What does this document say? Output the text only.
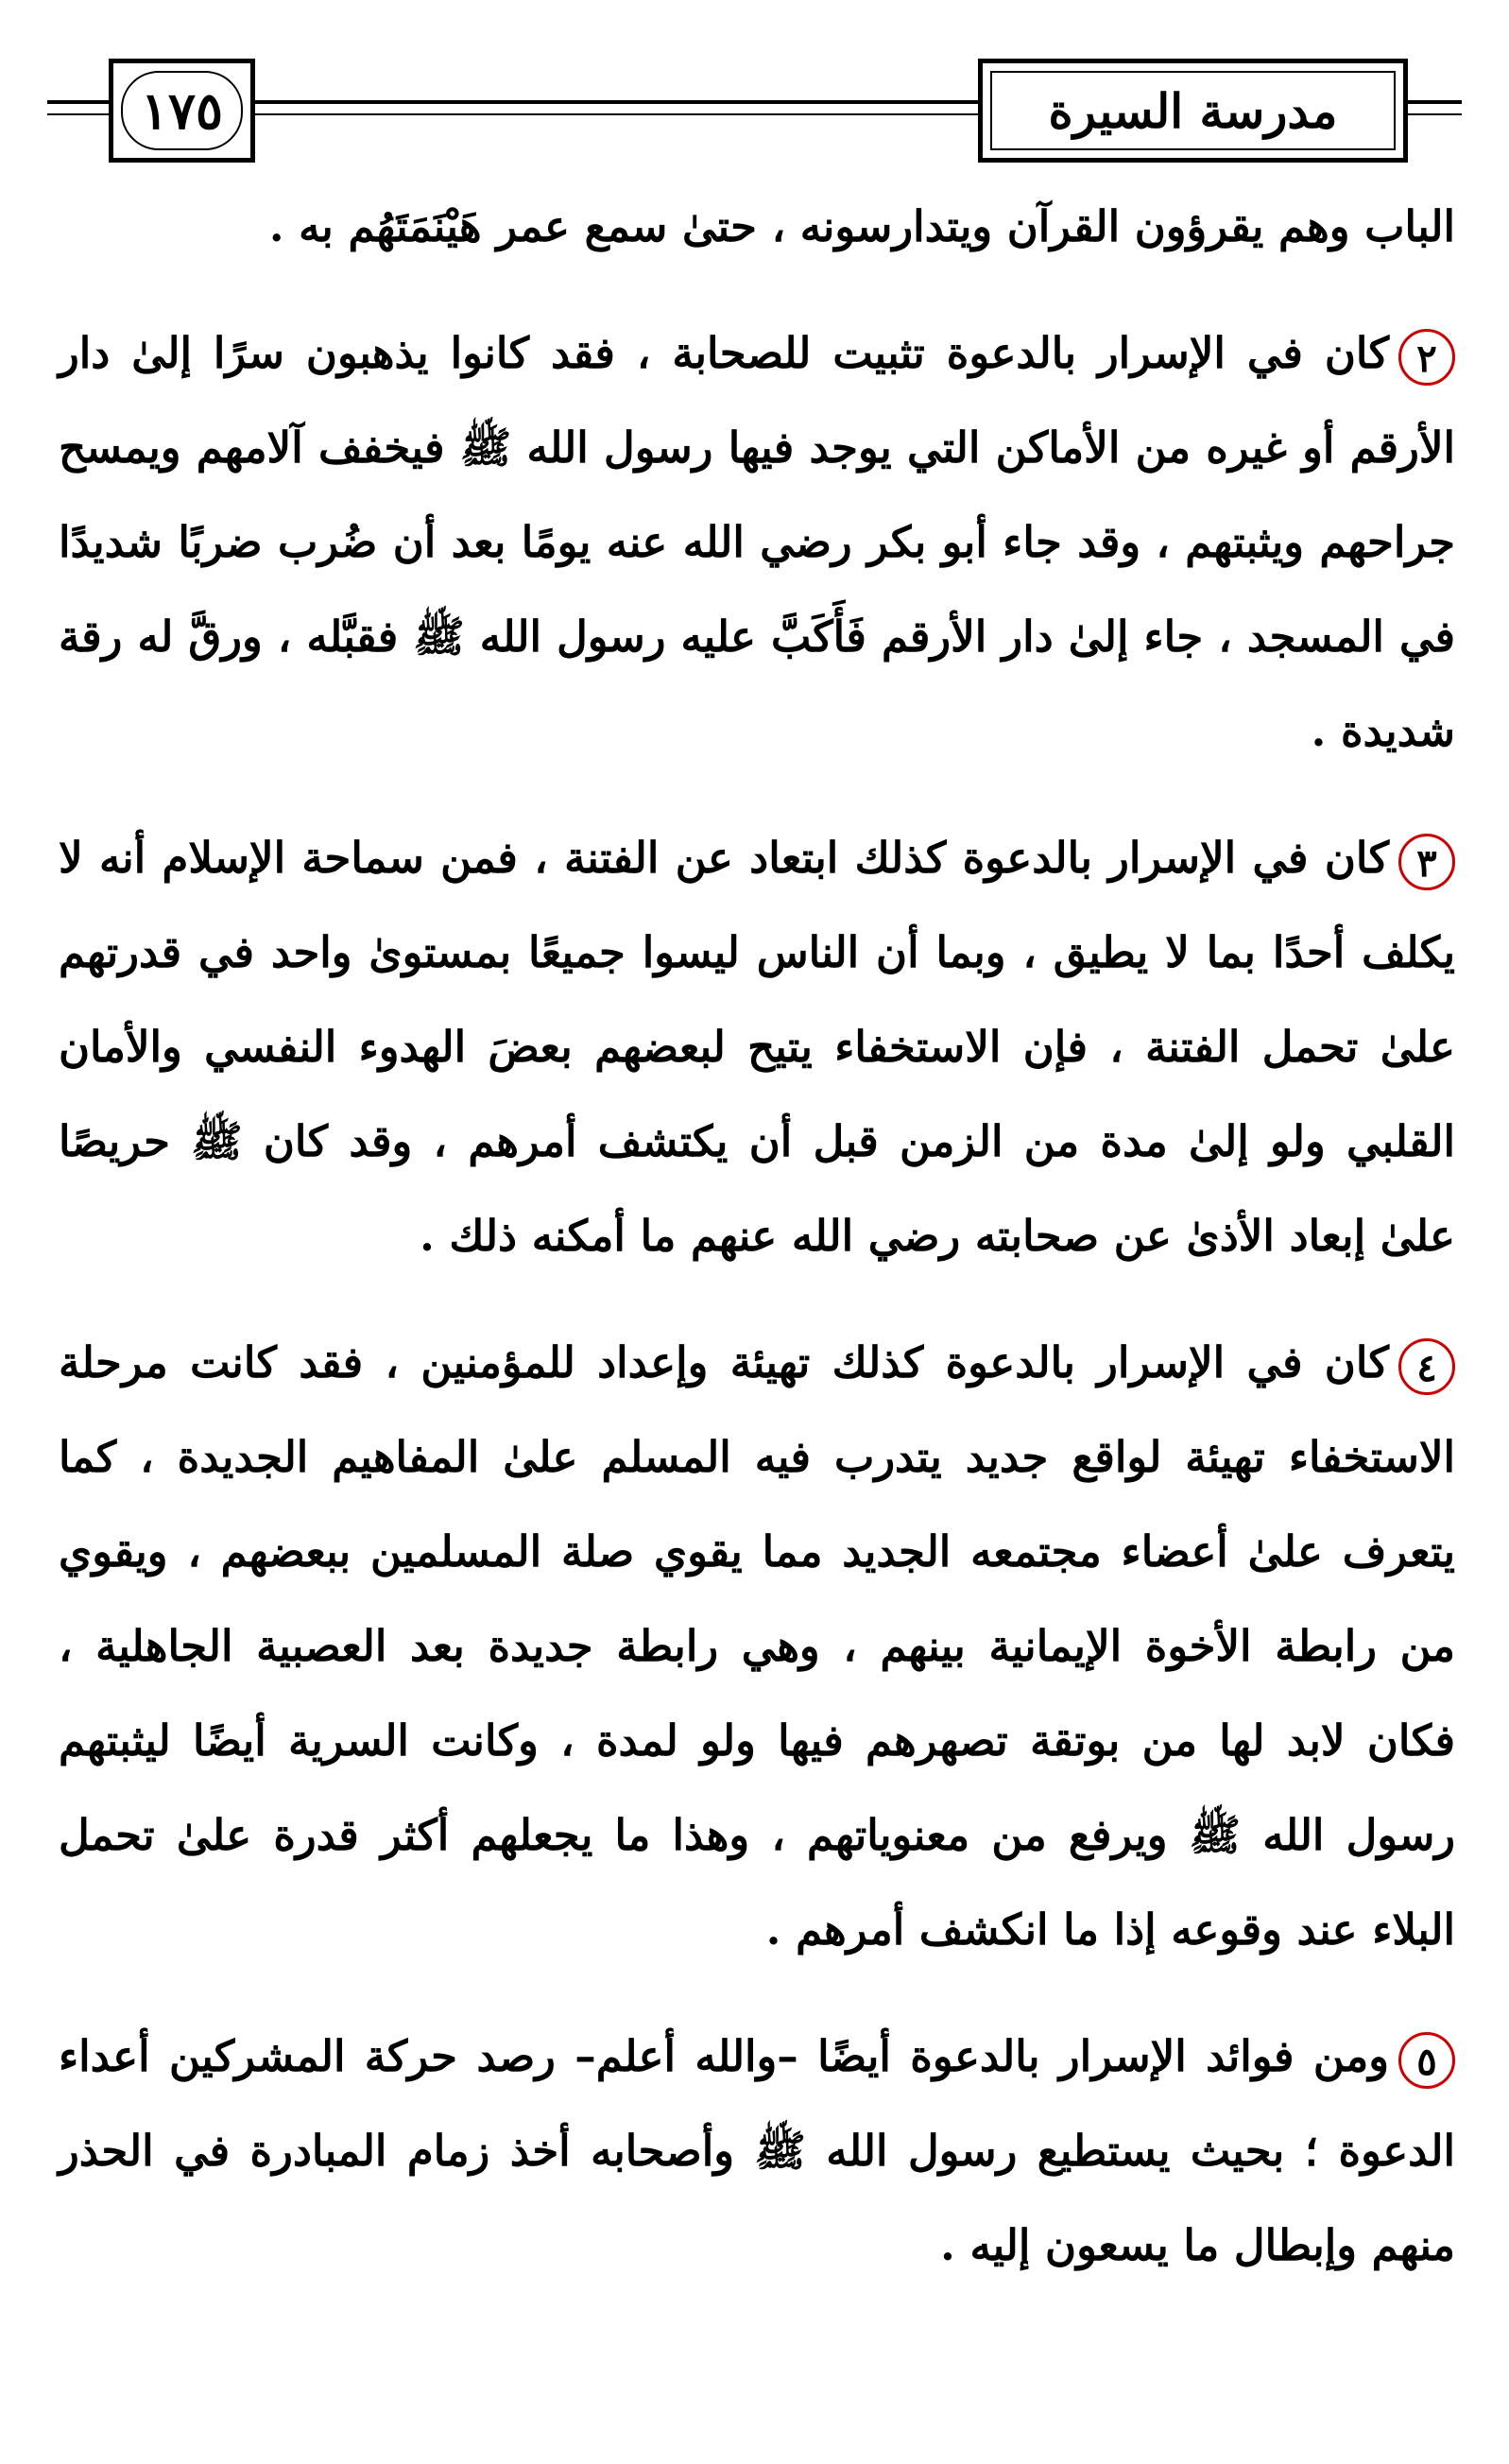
١٧٥	مدرسة السيرة

الباب وهم يقرؤون القرآن ويتدارسونه ، حتىٰ سمع عمر هَيْنَمَتَهُم به .

٢كان في الإسرار بالدعوة تثبيت للصحابة ، فقد كانوا يذهبون سرًا إلىٰ دار الأرقم أو غيره من الأماكن التي يوجد فيها رسول الله ﷺ فيخفف آلامهم ويمسح جراحهم ويثبتهم ، وقد جاء أبو بكر رضي الله عنه يومًا بعد أن ضُرب ضربًا شديدًا في المسجد ، جاء إلىٰ دار الأرقم فَأَكَبَّ عليه رسول الله ﷺ فقبَّله ، ورقَّ له رقة شديدة .

٣كان في الإسرار بالدعوة كذلك ابتعاد عن الفتنة ، فمن سماحة الإسلام أنه لا يكلف أحدًا بما لا يطيق ، وبما أن الناس ليسوا جميعًا بمستوىٰ واحد في قدرتهم علىٰ تحمل الفتنة ، فإن الاستخفاء يتيح لبعضهم بعضَ الهدوء النفسي والأمان القلبي ولو إلىٰ مدة من الزمن قبل أن يكتشف أمرهم ، وقد كان ﷺ حريصًا علىٰ إبعاد الأذىٰ عن صحابته رضي الله عنهم ما أمكنه ذلك .

٤كان في الإسرار بالدعوة كذلك تهيئة وإعداد للمؤمنين ، فقد كانت مرحلة الاستخفاء تهيئة لواقع جديد يتدرب فيه المسلم علىٰ المفاهيم الجديدة ، كما يتعرف علىٰ أعضاء مجتمعه الجديد مما يقوي صلة المسلمين ببعضهم ، ويقوي من رابطة الأخوة الإيمانية بينهم ، وهي رابطة جديدة بعد العصبية الجاهلية ، فكان لابد لها من بوتقة تصهرهم فيها ولو لمدة ، وكانت السرية أيضًا ليثبتهم رسول الله ﷺ ويرفع من معنوياتهم ، وهذا ما يجعلهم أكثر قدرة علىٰ تحمل البلاء عند وقوعه إذا ما انكشف أمرهم .

٥ومن فوائد الإسرار بالدعوة أيضًا –والله أعلم– رصد حركة المشركين أعداء الدعوة ؛ بحيث يستطيع رسول الله ﷺ وأصحابه أخذ زمام المبادرة في الحذر منهم وإبطال ما يسعون إليه .
